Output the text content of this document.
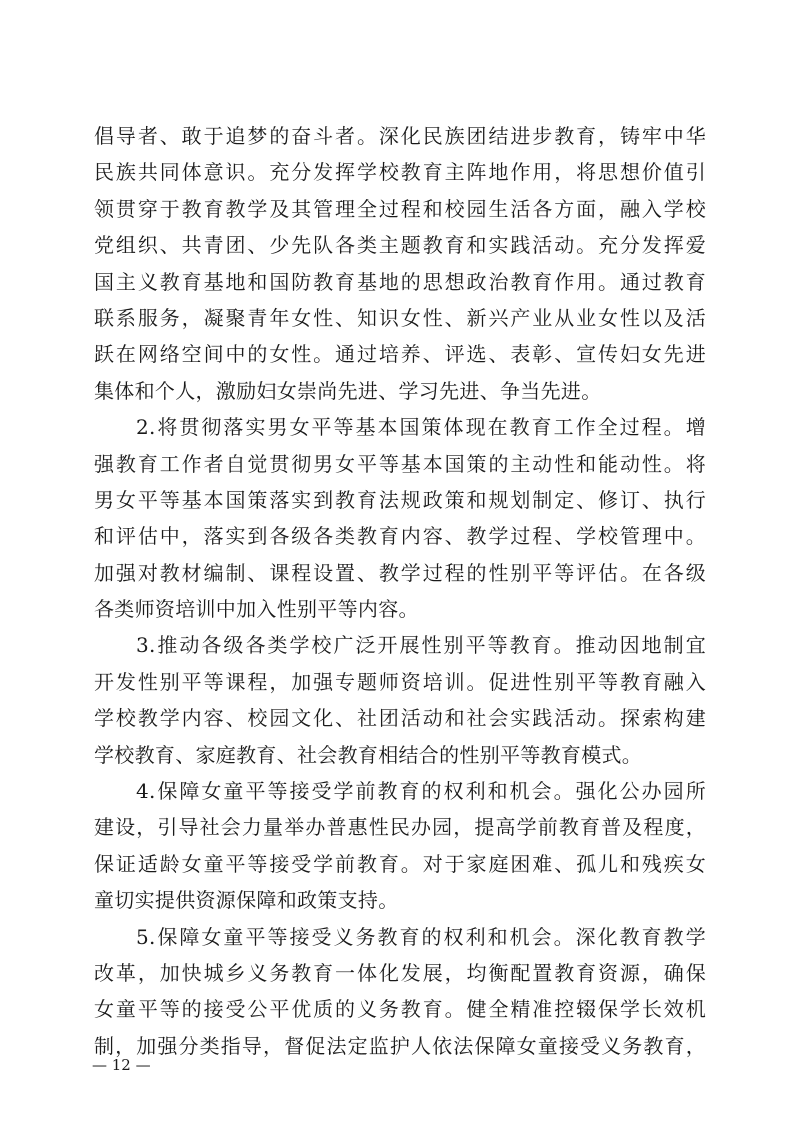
倡导者、敢于追梦的奋斗者。深化民族团结进步教育，铸牢中华
民族共同体意识。充分发挥学校教育主阵地作用，将思想价值引
领贯穿于教育教学及其管理全过程和校园生活各方面，融入学校
党组织、共青团、少先队各类主题教育和实践活动。充分发挥爱
国主义教育基地和国防教育基地的思想政治教育作用。通过教育
联系服务，凝聚青年女性、知识女性、新兴产业从业女性以及活
跃在网络空间中的女性。通过培养、评选、表彰、宣传妇女先进
集体和个人，激励妇女崇尚先进、学习先进、争当先进。
2.将贯彻落实男女平等基本国策体现在教育工作全过程。增
强教育工作者自觉贯彻男女平等基本国策的主动性和能动性。将
男女平等基本国策落实到教育法规政策和规划制定、修订、执行
和评估中，落实到各级各类教育内容、教学过程、学校管理中。
加强对教材编制、课程设置、教学过程的性别平等评估。在各级
各类师资培训中加入性别平等内容。
3.推动各级各类学校广泛开展性别平等教育。推动因地制宜
开发性别平等课程，加强专题师资培训。促进性别平等教育融入
学校教学内容、校园文化、社团活动和社会实践活动。探索构建
学校教育、家庭教育、社会教育相结合的性别平等教育模式。
4.保障女童平等接受学前教育的权利和机会。强化公办园所
建设，引导社会力量举办普惠性民办园，提高学前教育普及程度，
保证适龄女童平等接受学前教育。对于家庭困难、孤儿和残疾女
童切实提供资源保障和政策支持。
5.保障女童平等接受义务教育的权利和机会。深化教育教学
改革，加快城乡义务教育一体化发展，均衡配置教育资源，确保
女童平等的接受公平优质的义务教育。健全精准控辍保学长效机
制，加强分类指导，督促法定监护人依法保障女童接受义务教育，
— 12 —
